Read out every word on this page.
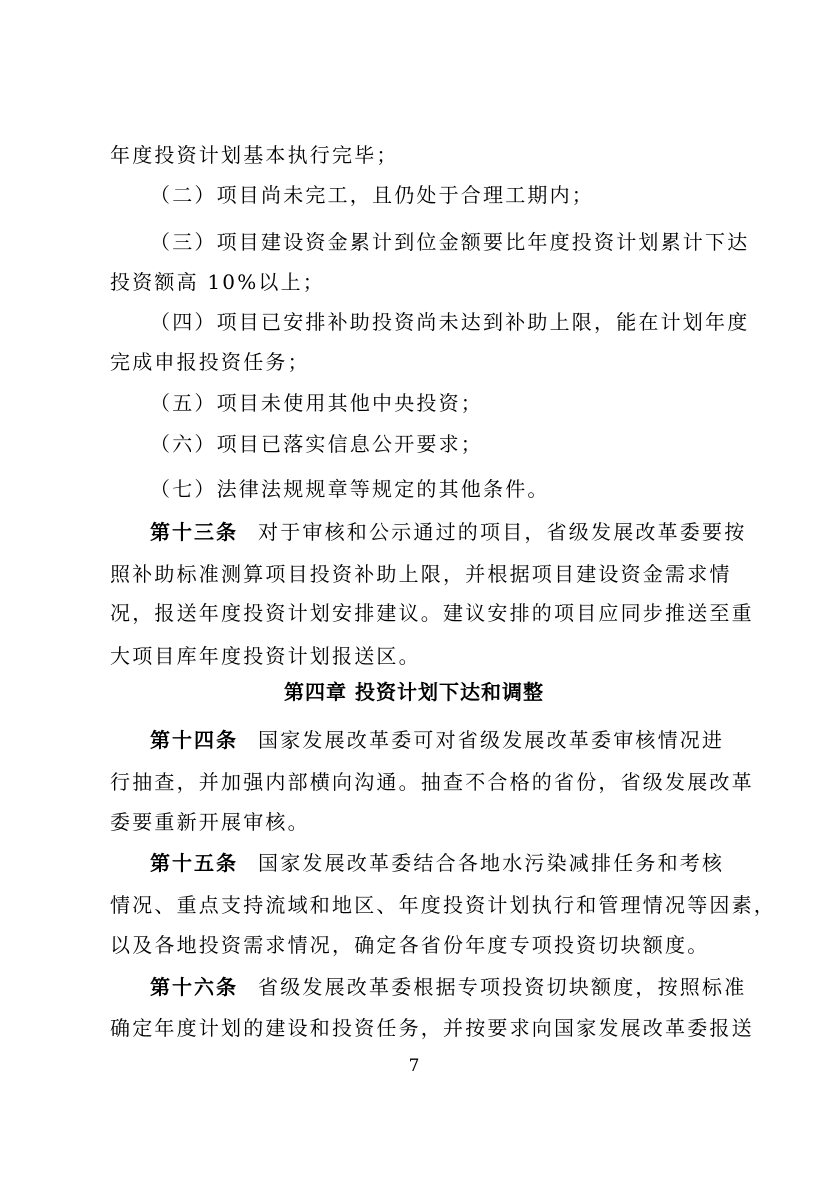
年度投资计划基本执行完毕；
（二）项目尚未完工，且仍处于合理工期内；
（三）项目建设资金累计到位金额要比年度投资计划累计下达
投资额高 10%以上；
（四）项目已安排补助投资尚未达到补助上限，能在计划年度
完成申报投资任务；
（五）项目未使用其他中央投资；
（六）项目已落实信息公开要求；
（七）法律法规规章等规定的其他条件。
第十三条 对于审核和公示通过的项目，省级发展改革委要按
照补助标准测算项目投资补助上限，并根据项目建设资金需求情
况，报送年度投资计划安排建议。建议安排的项目应同步推送至重
大项目库年度投资计划报送区。
第四章 投资计划下达和调整
第十四条 国家发展改革委可对省级发展改革委审核情况进
行抽查，并加强内部横向沟通。抽查不合格的省份，省级发展改革
委要重新开展审核。
第十五条 国家发展改革委结合各地水污染减排任务和考核
情况、重点支持流域和地区、年度投资计划执行和管理情况等因素，
以及各地投资需求情况，确定各省份年度专项投资切块额度。
第十六条 省级发展改革委根据专项投资切块额度，按照标准
确定年度计划的建设和投资任务，并按要求向国家发展改革委报送
7
